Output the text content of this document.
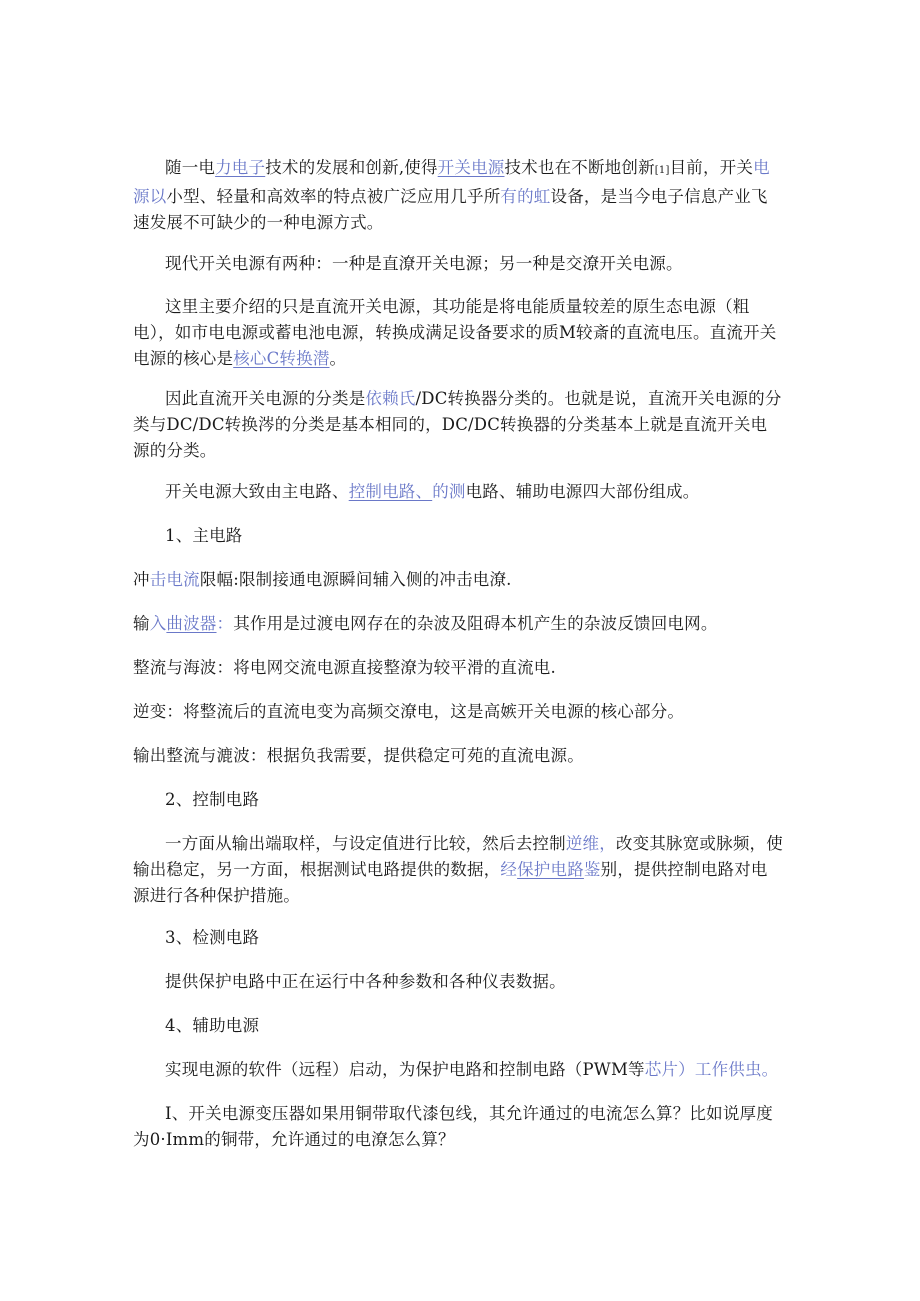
随一电力电子技术的发展和创新,使得开关电源技术也在不断地创新[1]目前，开关电源以小型、轻量和高效率的特点被广泛应用几乎所有的虹设备，是当今电子信息产业飞速发展不可缺少的一种电源方式。

现代开关电源有两种：一种是直潦开关电源；另一种是交潦开关电源。

这里主要介绍的只是直流开关电源，其功能是将电能质量较差的原生态电源（粗电），如市电电源或蓄电池电源，转换成满足设备要求的质M较斎的直流电压。直流开关电源的核心是核心C转换潜。

因此直流开关电源的分类是依赖氏/DC转换器分类的。也就是说，直流开关电源的分类与DC/DC转换涔的分类是基本相同的，DC/DC转换器的分类基本上就是直流开关电源的分类。

开关电源大致由主电路、控制电路、的测电路、辅助电源四大部份组成。

1、主电路

冲击电流限幅:限制接通电源瞬间辅入侧的冲击电潦.

输入曲波器：其作用是过渡电网存在的杂波及阻碍本机产生的杂波反馈回电网。

整流与海波：将电网交流电源直接整潦为较平滑的直流电.

逆变：将整流后的直流电变为高频交潦电，这是高嫉开关电源的核心部分。

输出整流与漉波：根据负我需要，提供稳定可苑的直流电源。

2、控制电路

一方面从输出端取样，与设定值进行比较，然后去控制逆维，改变其脉宽或脉频，使输出稳定，另一方面，根据测试电路提供的数据，经保护电路鉴别，提供控制电路对电源进行各种保护措施。

3、检测电路

提供保护电路中正在运行中各种参数和各种仪表数据。

4、辅助电源

实现电源的软件（远程）启动，为保护电路和控制电路（PWM等芯片）工作供虫。

I、开关电源变压器如果用铜带取代漆包线，其允许通过的电流怎么算？比如说厚度为0·Imm的铜带，允许通过的电潦怎么算？
